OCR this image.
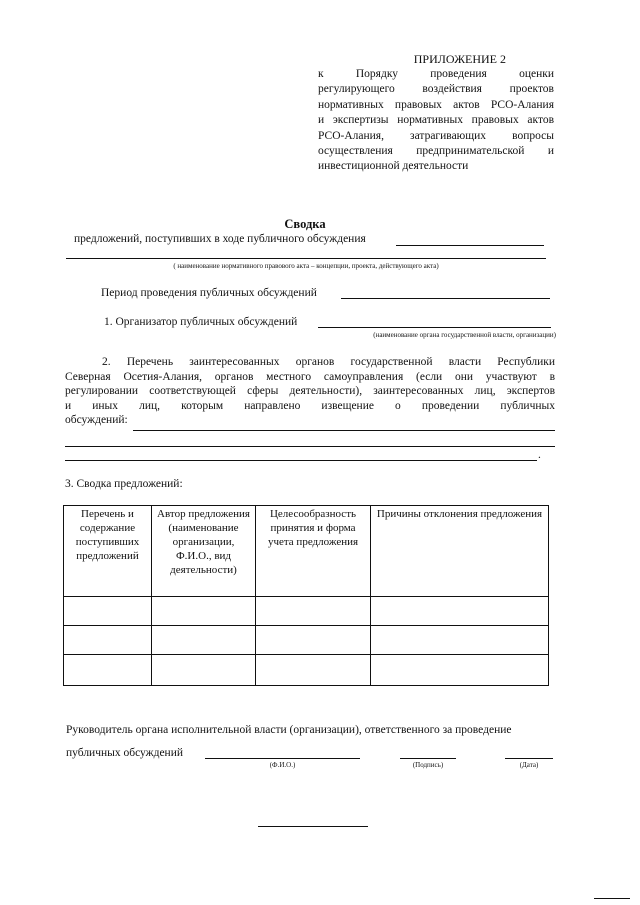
ПРИЛОЖЕНИЕ 2
к Порядку проведения оценки
регулирующего воздействия проектов
нормативных правовых актов РСО-Алания
и экспертизы нормативных правовых актов
РСО-Алания, затрагивающих вопросы
осуществления предпринимательской и
инвестиционной деятельности
Сводка
предложений, поступивших в ходе публичного обсуждения
( наименование нормативного правового акта – концепции, проекта, действующего акта)
Период проведения публичных обсуждений
1. Организатор публичных обсуждений
(наименование органа государственной власти, организации)
2. Перечень заинтересованных органов государственной власти Республики
Северная Осетия-Алания, органов местного самоуправления (если они участвуют в
регулировании соответствующей сферы деятельности), заинтересованных лиц, экспертов
и иных лиц, которым направлено извещение о проведении публичных
обсуждений:
.
3. Сводка предложений:
Перечень и содержание поступивших предложений	Автор предложения (наименование организации, Ф.И.О., вид деятельности)	Целесообразность принятия и форма учета предложения	Причины отклонения предложения

Руководитель органа исполнительной власти (организации), ответственного за проведение
публичных обсуждений
(Ф.И.О.)	(Подпись)	(Дата)
